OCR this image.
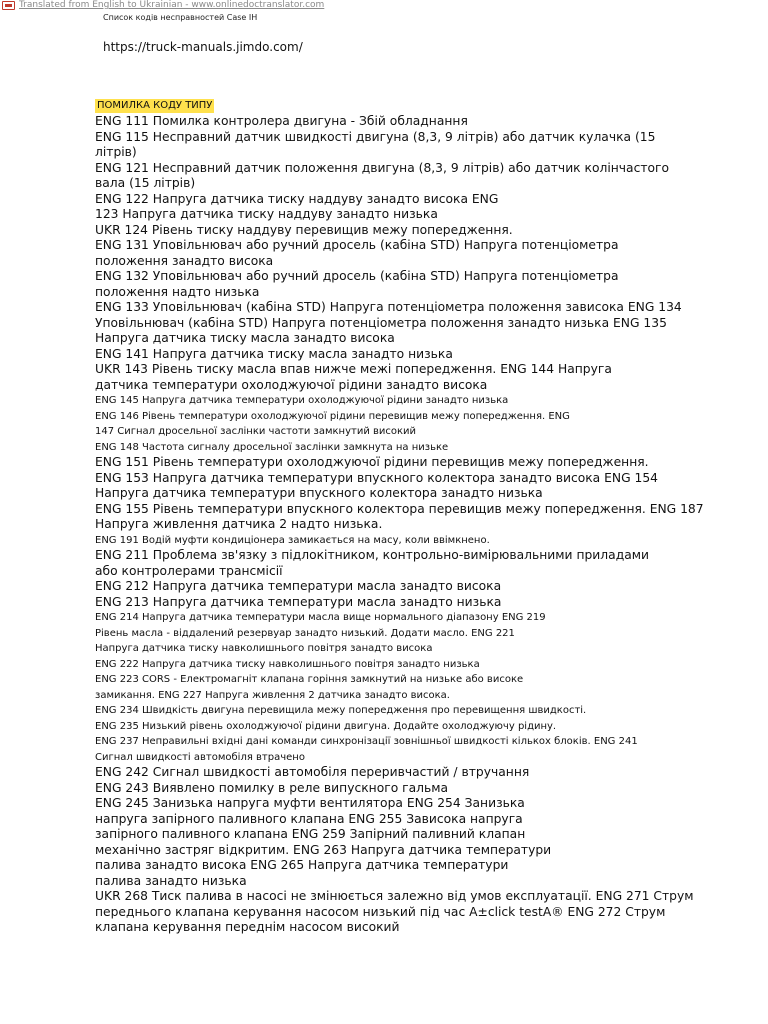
Translated from English to Ukrainian - www.onlinedoctranslator.com
Список кодів несправностей Case IH
https://truck-manuals.jimdo.com/
ПОМИЛКА КОДУ ТИПУ

ENG 111 Помилка контролера двигуна - Збій обладнання

ENG 115 Несправний датчик швидкості двигуна (8,3, 9 літрів) або датчик кулачка (15

літрів)

ENG 121 Несправний датчик положення двигуна (8,3, 9 літрів) або датчик колінчастого

вала (15 літрів)

ENG 122 Напруга датчика тиску наддуву занадто висока ENG

123 Напруга датчика тиску наддуву занадто низька

UKR 124 Рівень тиску наддуву перевищив межу попередження.

ENG 131 Уповільнювач або ручний дросель (кабіна STD) Напруга потенціометра

положення занадто висока

ENG 132 Уповільнювач або ручний дросель (кабіна STD) Напруга потенціометра

положення надто низька

ENG 133 Уповільнювач (кабіна STD) Напруга потенціометра положення зависока ENG 134

Уповільнювач (кабіна STD) Напруга потенціометра положення занадто низька ENG 135

Напруга датчика тиску масла занадто висока

ENG 141 Напруга датчика тиску масла занадто низька

UKR 143 Рівень тиску масла впав нижче межі попередження. ENG 144 Напруга

датчика температури охолоджуючої рідини занадто висока

ENG 145 Напруга датчика температури охолоджуючої рідини занадто низька

ENG 146 Рівень температури охолоджуючої рідини перевищив межу попередження. ENG

147 Сигнал дросельної заслінки частоти замкнутий високий

ENG 148 Частота сигналу дросельної заслінки замкнута на низьке

ENG 151 Рівень температури охолоджуючої рідини перевищив межу попередження.

ENG 153 Напруга датчика температури впускного колектора занадто висока ENG 154

Напруга датчика температури впускного колектора занадто низька

ENG 155 Рівень температури впускного колектора перевищив межу попередження. ENG 187

Напруга живлення датчика 2 надто низька.

ENG 191 Водій муфти кондиціонера замикається на масу, коли ввімкнено.

ENG 211 Проблема зв'язку з підлокітником, контрольно-вимірювальними приладами

або контролерами трансмісії

ENG 212 Напруга датчика температури масла занадто висока

ENG 213 Напруга датчика температури масла занадто низька

ENG 214 Напруга датчика температури масла вище нормального діапазону ENG 219

Рівень масла - віддалений резервуар занадто низький. Додати масло. ENG 221

Напруга датчика тиску навколишнього повітря занадто висока

ENG 222 Напруга датчика тиску навколишнього повітря занадто низька

ENG 223 CORS - Електромагніт клапана горіння замкнутий на низьке або високе

замикання. ENG 227 Напруга живлення 2 датчика занадто висока.

ENG 234 Швидкість двигуна перевищила межу попередження про перевищення швидкості.

ENG 235 Низький рівень охолоджуючої рідини двигуна. Додайте охолоджуючу рідину.

ENG 237 Неправильні вхідні дані команди синхронізації зовнішньої швидкості кількох блоків. ENG 241

Сигнал швидкості автомобіля втрачено

ENG 242 Сигнал швидкості автомобіля переривчастий / втручання

ENG 243 Виявлено помилку в реле випускного гальма

ENG 245 Занизька напруга муфти вентилятора ENG 254 Занизька

напруга запірного паливного клапана ENG 255 Зависока напруга

запірного паливного клапана ENG 259 Запірний паливний клапан

механічно застряг відкритим. ENG 263 Напруга датчика температури

палива занадто висока ENG 265 Напруга датчика температури

палива занадто низька

UKR 268 Тиск палива в насосі не змінюється залежно від умов експлуатації. ENG 271 Струм

переднього клапана керування насосом низький під час A±click testA® ENG 272 Струм

клапана керування переднім насосом високий
